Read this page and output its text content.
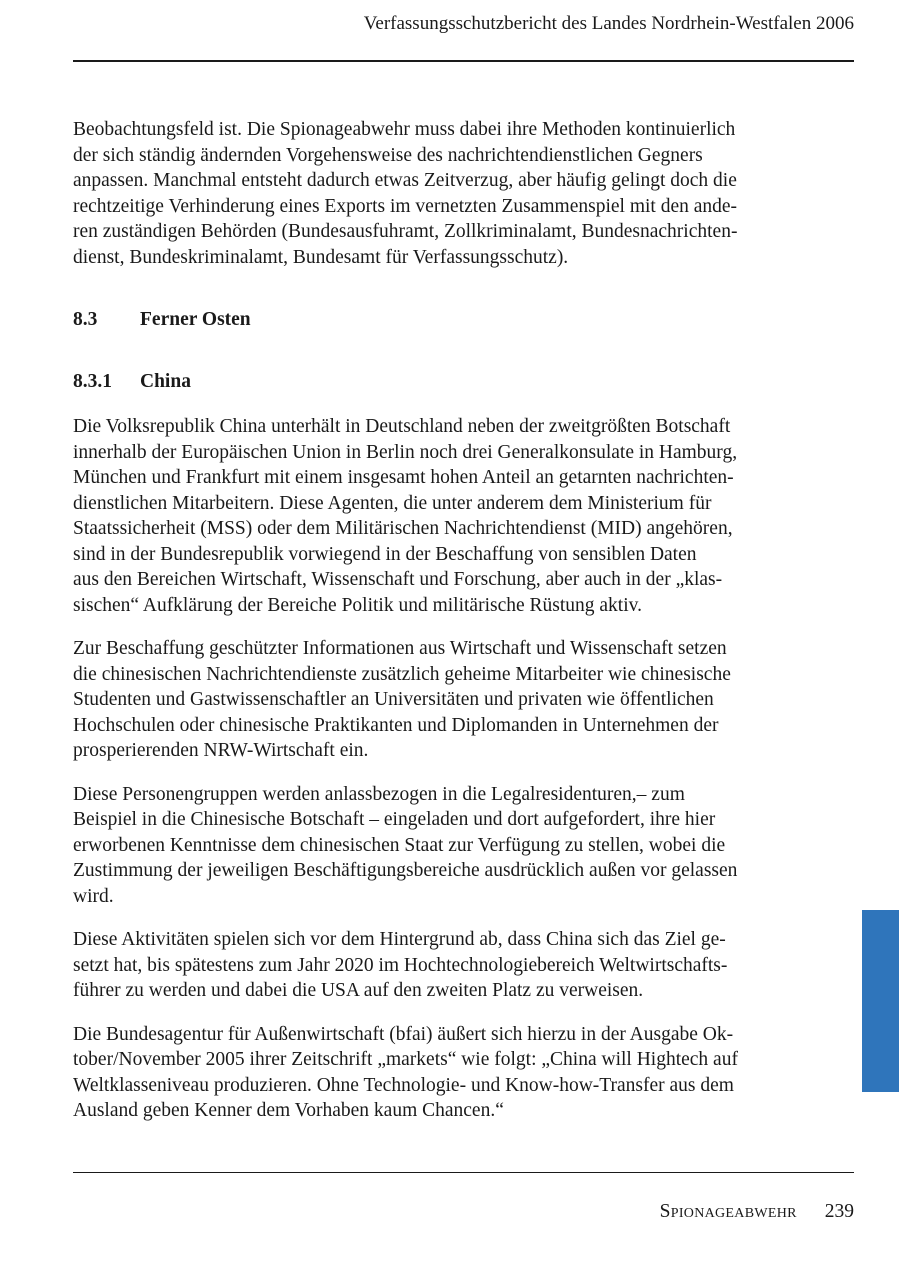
Verfassungsschutzbericht des Landes Nordrhein-Westfalen 2006

Beobachtungsfeld ist. Die Spionageabwehr muss dabei ihre Methoden kontinuierlich
der sich ständig ändernden Vorgehensweise des nachrichtendienstlichen Gegners
anpassen. Manchmal entsteht dadurch etwas Zeitverzug, aber häufig gelingt doch die
rechtzeitige Verhinderung eines Exports im vernetzten Zusammenspiel mit den ande-
ren zuständigen Behörden (Bundesausfuhramt, Zollkriminalamt, Bundesnachrichten-
dienst, Bundeskriminalamt, Bundesamt für Verfassungsschutz).

8.3 Ferner Osten
8.3.1 China

Die Volksrepublik China unterhält in Deutschland neben der zweitgrößten Botschaft
innerhalb der Europäischen Union in Berlin noch drei Generalkonsulate in Hamburg,
München und Frankfurt mit einem insgesamt hohen Anteil an getarnten nachrichten-
dienstlichen Mitarbeitern. Diese Agenten, die unter anderem dem Ministerium für
Staatssicherheit (MSS) oder dem Militärischen Nachrichtendienst (MID) angehören,
sind in der Bundesrepublik vorwiegend in der Beschaffung von sensiblen Daten
aus den Bereichen Wirtschaft, Wissenschaft und Forschung, aber auch in der „klas-
sischen“ Aufklärung der Bereiche Politik und militärische Rüstung aktiv.

Zur Beschaffung geschützter Informationen aus Wirtschaft und Wissenschaft setzen
die chinesischen Nachrichtendienste zusätzlich geheime Mitarbeiter wie chinesische
Studenten und Gastwissenschaftler an Universitäten und privaten wie öffentlichen
Hochschulen oder chinesische Praktikanten und Diplomanden in Unternehmen der
prosperierenden NRW-Wirtschaft ein.

Diese Personengruppen werden anlassbezogen in die Legalresidenturen,– zum
Beispiel in die Chinesische Botschaft – eingeladen und dort aufgefordert, ihre hier
erworbenen Kenntnisse dem chinesischen Staat zur Verfügung zu stellen, wobei die
Zustimmung der jeweiligen Beschäftigungsbereiche ausdrücklich außen vor gelassen
wird.

Diese Aktivitäten spielen sich vor dem Hintergrund ab, dass China sich das Ziel ge-
setzt hat, bis spätestens zum Jahr 2020 im Hochtechnologiebereich Weltwirtschafts-
führer zu werden und dabei die USA auf den zweiten Platz zu verweisen.

Die Bundesagentur für Außenwirtschaft (bfai) äußert sich hierzu in der Ausgabe Ok-
tober/November 2005 ihrer Zeitschrift „markets“ wie folgt: „China will Hightech auf
Weltklasseniveau produzieren. Ohne Technologie- und Know-how-Transfer aus dem
Ausland geben Kenner dem Vorhaben kaum Chancen.“

Spionageabwehr 239
